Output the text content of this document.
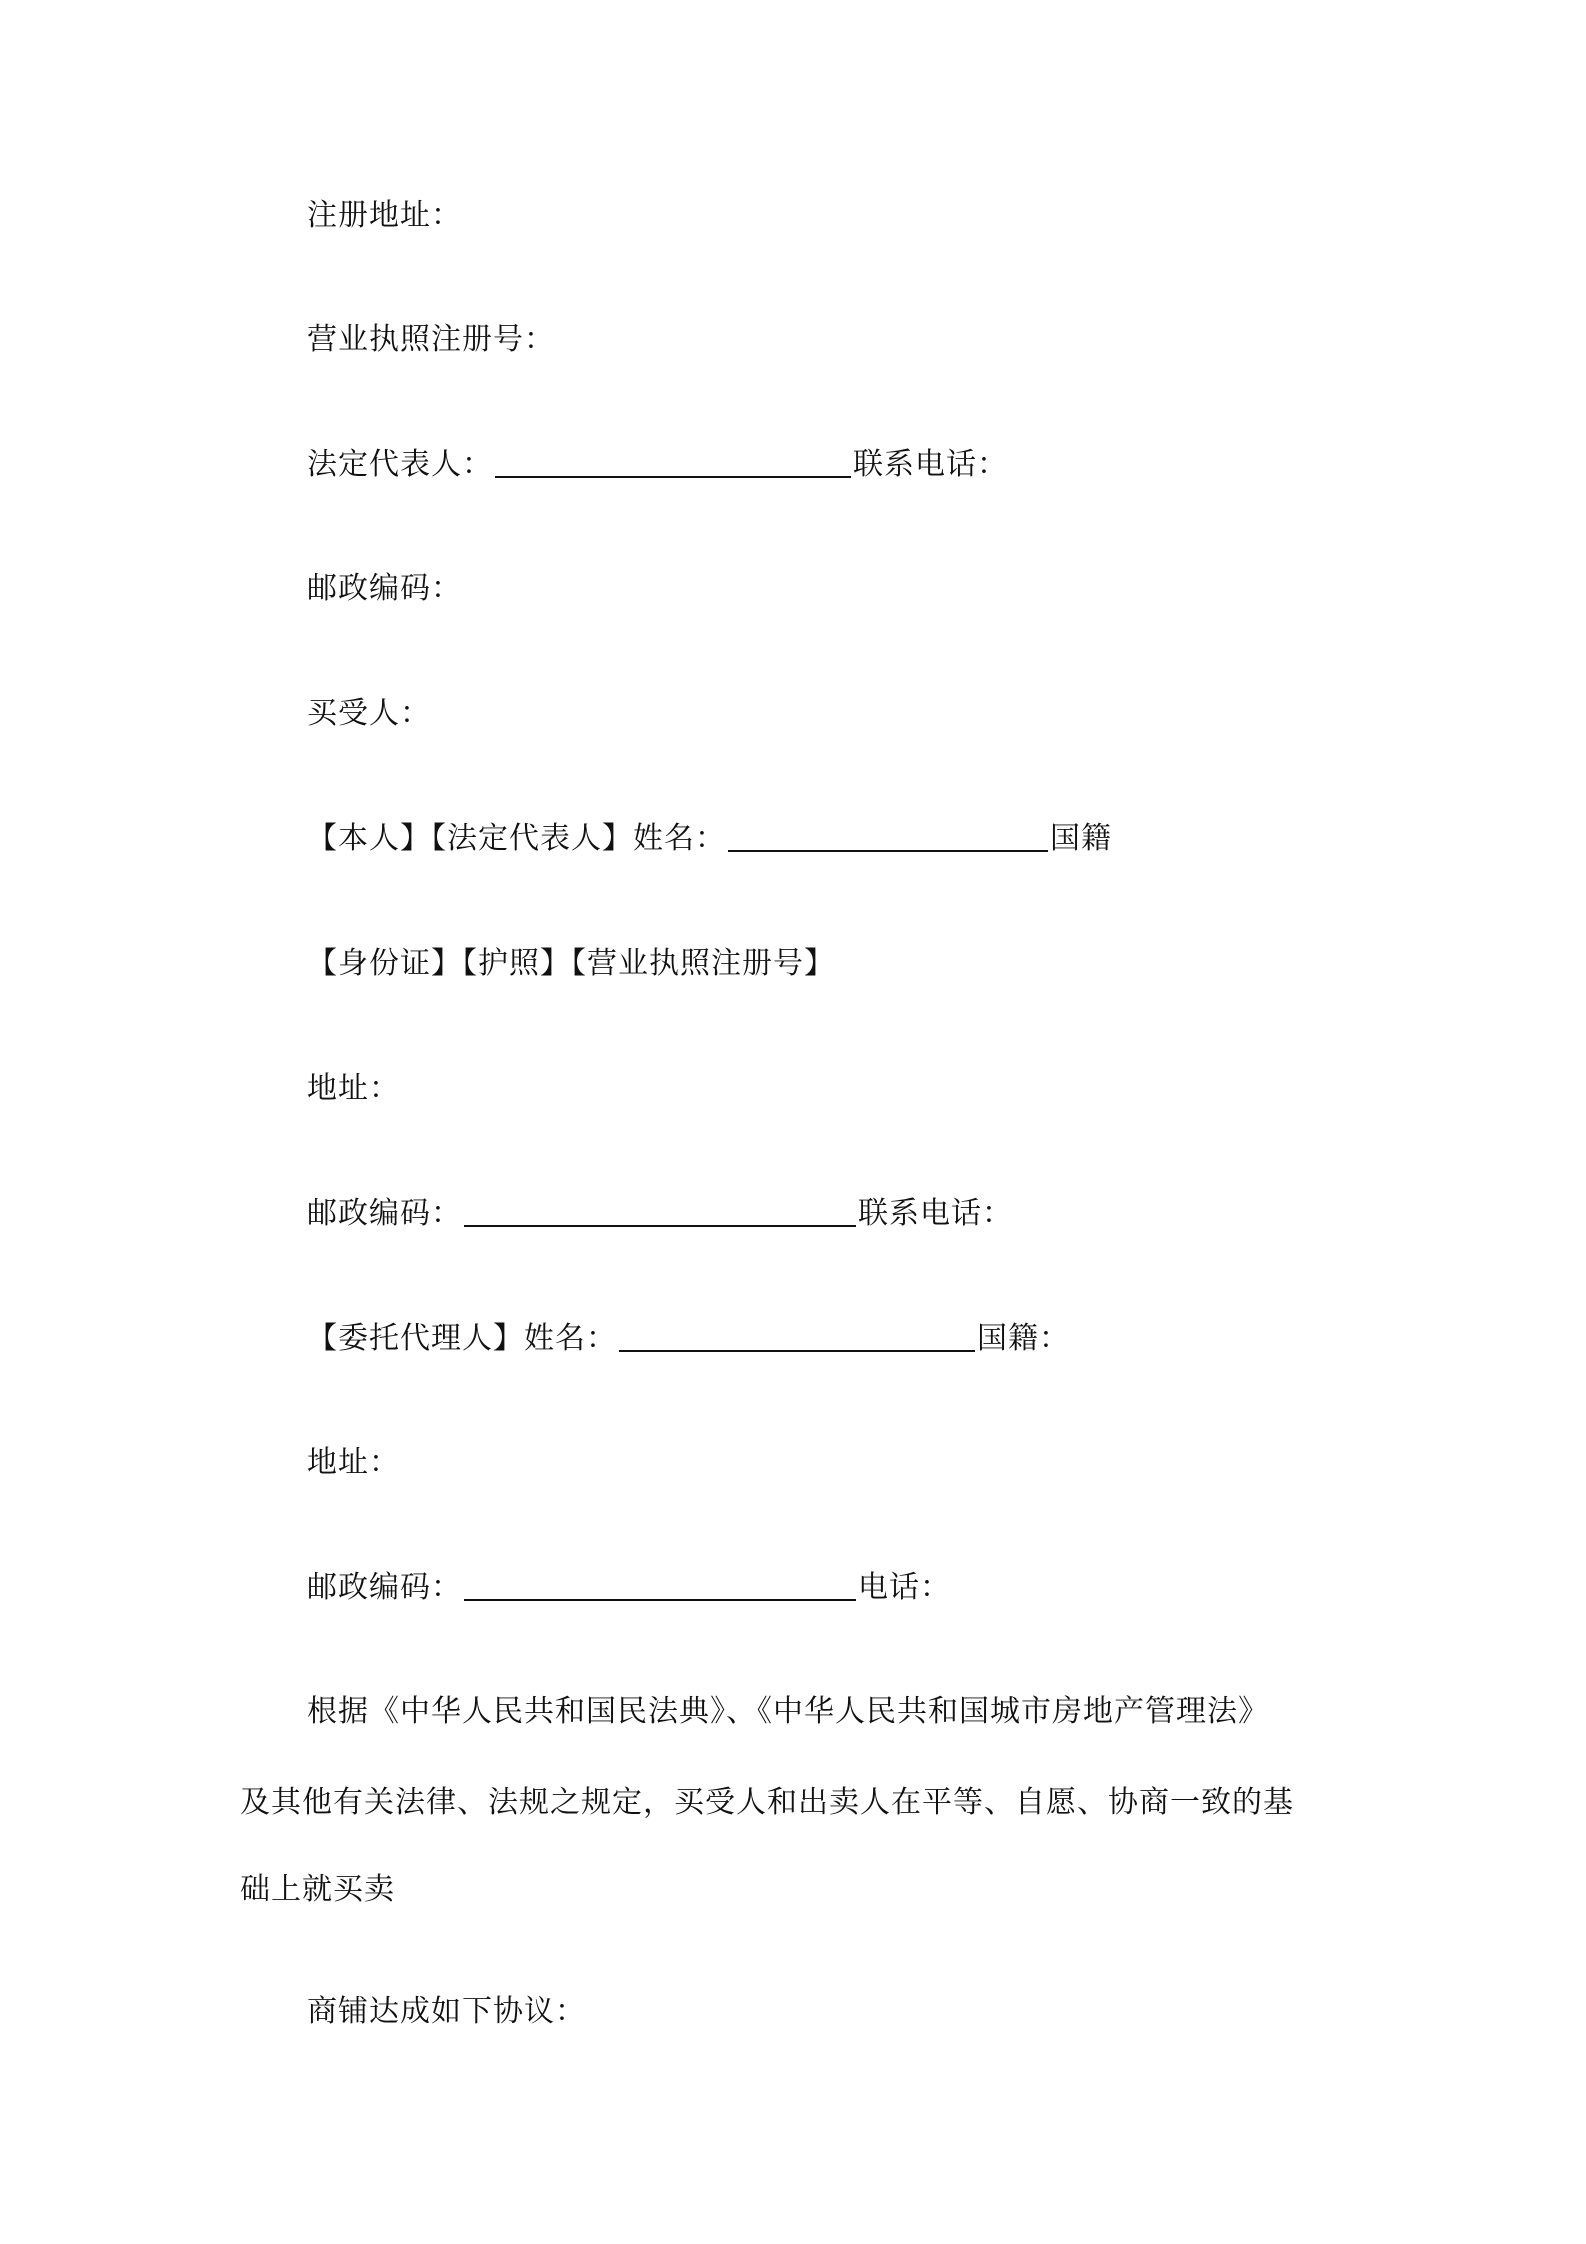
注册地址：
营业执照注册号：
法定代表人：	联系电话：
邮政编码：
买受人：
【本人】【法定代表人】姓名：	国籍
【身份证】【护照】【营业执照注册号】
地址：
邮政编码：	联系电话：
【委托代理人】姓名：	国籍：
地址：
邮政编码：	电话：
根据《中华人民共和国民法典》、《中华人民共和国城市房地产管理法》
及其他有关法律、法规之规定，买受人和出卖人在平等、自愿、协商一致的基
础上就买卖
商铺达成如下协议：
